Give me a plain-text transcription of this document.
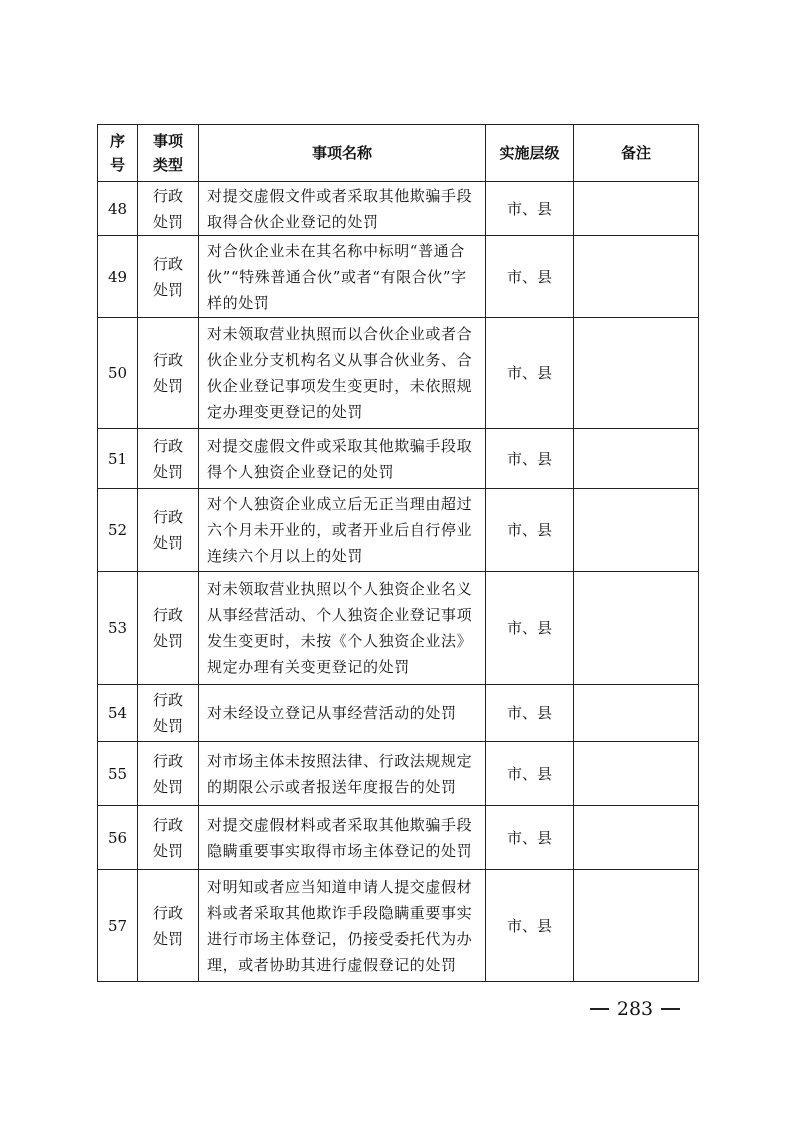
序号	事项类型	事项名称	实施层级	备注
48	行政处罚	对提交虚假文件或者采取其他欺骗手段取得合伙企业登记的处罚	市、县	
49	行政处罚	对合伙企业未在其名称中标明“普通合伙”“特殊普通合伙”或者“有限合伙”字样的处罚	市、县	
50	行政处罚	对未领取营业执照而以合伙企业或者合伙企业分支机构名义从事合伙业务、合伙企业登记事项发生变更时，未依照规定办理变更登记的处罚	市、县	
51	行政处罚	对提交虚假文件或采取其他欺骗手段取得个人独资企业登记的处罚	市、县	
52	行政处罚	对个人独资企业成立后无正当理由超过六个月未开业的，或者开业后自行停业连续六个月以上的处罚	市、县	
53	行政处罚	对未领取营业执照以个人独资企业名义从事经营活动、个人独资企业登记事项发生变更时，未按《个人独资企业法》规定办理有关变更登记的处罚	市、县	
54	行政处罚	对未经设立登记从事经营活动的处罚	市、县	
55	行政处罚	对市场主体未按照法律、行政法规规定的期限公示或者报送年度报告的处罚	市、县	
56	行政处罚	对提交虚假材料或者采取其他欺骗手段隐瞒重要事实取得市场主体登记的处罚	市、县	
57	行政处罚	对明知或者应当知道申请人提交虚假材料或者采取其他欺诈手段隐瞒重要事实进行市场主体登记，仍接受委托代为办理，或者协助其进行虚假登记的处罚	市、县	
283
